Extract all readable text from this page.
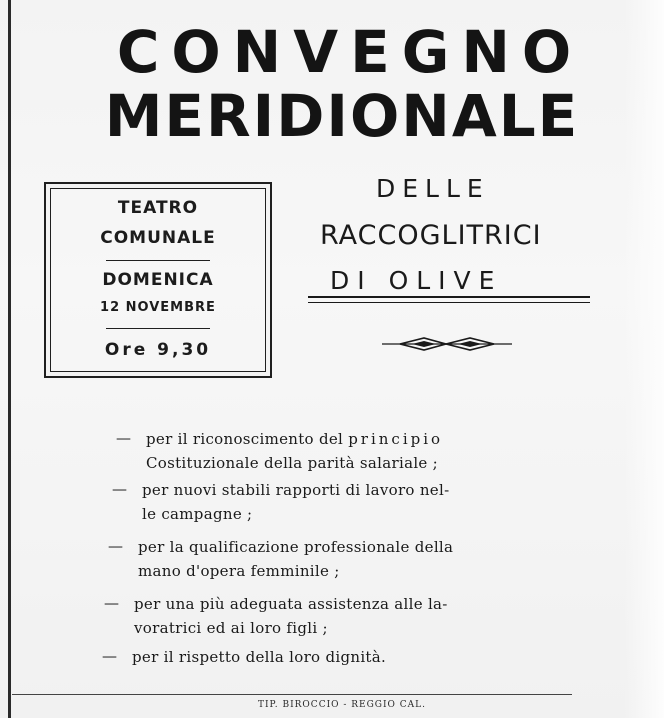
CONVEGNO
MERIDIONALE
TEATRO
COMUNALE
DOMENICA
12 NOVEMBRE
Ore 9,30
DELLE
RACCOGLITRICI
DI OLIVE
— per il riconoscimento del principio
Costituzionale della parità salariale ;
— per nuovi stabili rapporti di lavoro nel-
le campagne ;
— per la qualificazione professionale della
mano d'opera femminile ;
— per una più adeguata assistenza alle la-
voratrici ed ai loro figli ;
— per il rispetto della loro dignità.
TIP. BIROCCIO - REGGIO CAL.
